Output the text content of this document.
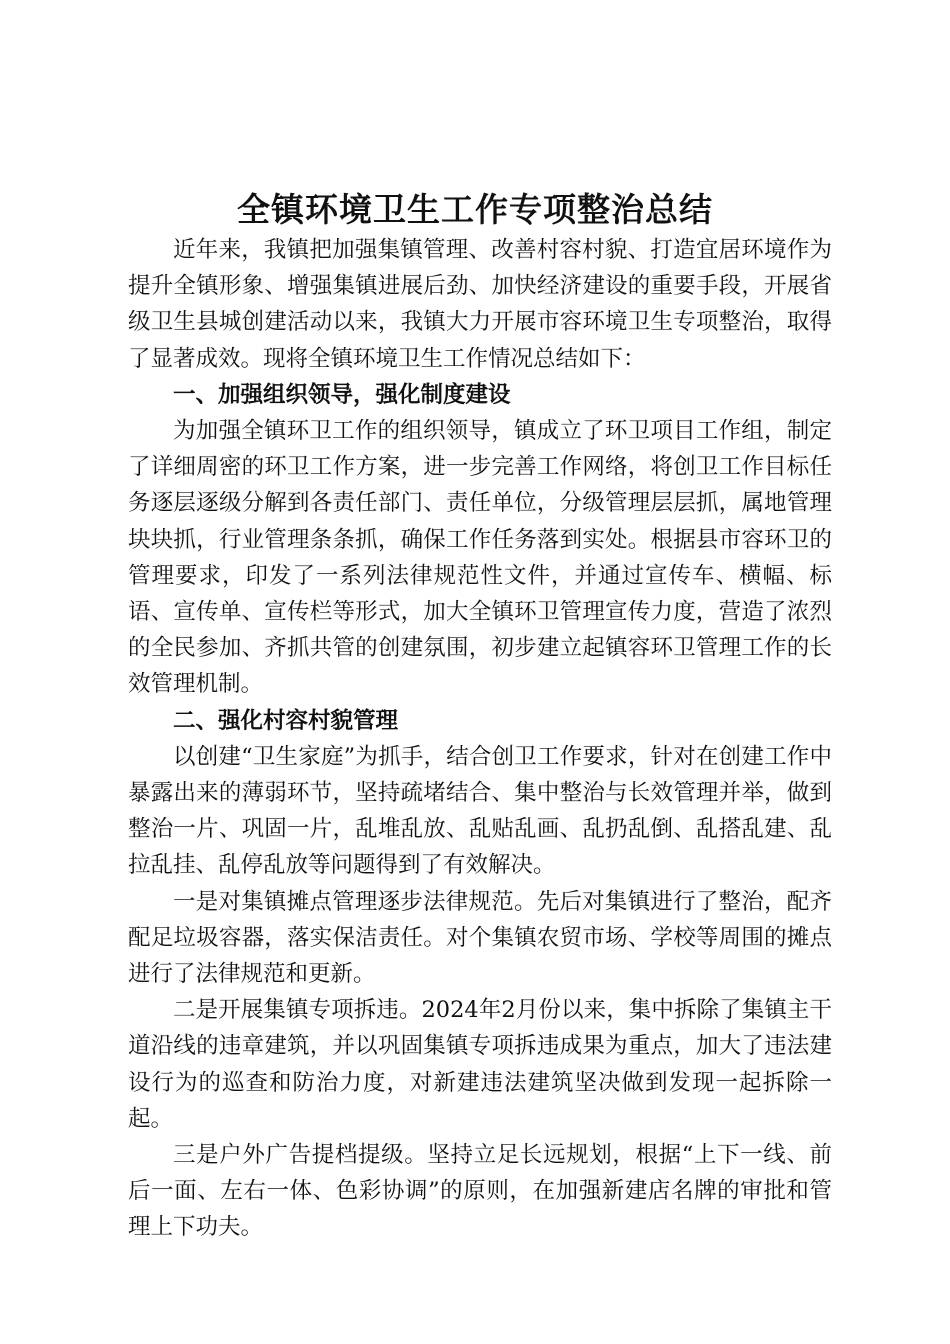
全镇环境卫生工作专项整治总结

近年来，我镇把加强集镇管理、改善村容村貌、打造宜居环境作为提升全镇形象、增强集镇进展后劲、加快经济建设的重要手段，开展省级卫生县城创建活动以来，我镇大力开展市容环境卫生专项整治，取得了显著成效。现将全镇环境卫生工作情况总结如下：

一、加强组织领导，强化制度建设

为加强全镇环卫工作的组织领导，镇成立了环卫项目工作组，制定了详细周密的环卫工作方案，进一步完善工作网络，将创卫工作目标任务逐层逐级分解到各责任部门、责任单位，分级管理层层抓，属地管理块块抓，行业管理条条抓，确保工作任务落到实处。根据县市容环卫的管理要求，印发了一系列法律规范性文件，并通过宣传车、横幅、标语、宣传单、宣传栏等形式，加大全镇环卫管理宣传力度，营造了浓烈的全民参加、齐抓共管的创建氛围，初步建立起镇容环卫管理工作的长效管理机制。

二、强化村容村貌管理

以创建“卫生家庭”为抓手，结合创卫工作要求，针对在创建工作中暴露出来的薄弱环节，坚持疏堵结合、集中整治与长效管理并举，做到整治一片、巩固一片，乱堆乱放、乱贴乱画、乱扔乱倒、乱搭乱建、乱拉乱挂、乱停乱放等问题得到了有效解决。

一是对集镇摊点管理逐步法律规范。先后对集镇进行了整治，配齐配足垃圾容器，落实保洁责任。对个集镇农贸市场、学校等周围的摊点进行了法律规范和更新。

二是开展集镇专项拆违。2024年2月份以来，集中拆除了集镇主干道沿线的违章建筑，并以巩固集镇专项拆违成果为重点，加大了违法建设行为的巡查和防治力度，对新建违法建筑坚决做到发现一起拆除一起。

三是户外广告提档提级。坚持立足长远规划，根据“上下一线、前后一面、左右一体、色彩协调”的原则，在加强新建店名牌的审批和管理上下功夫。
